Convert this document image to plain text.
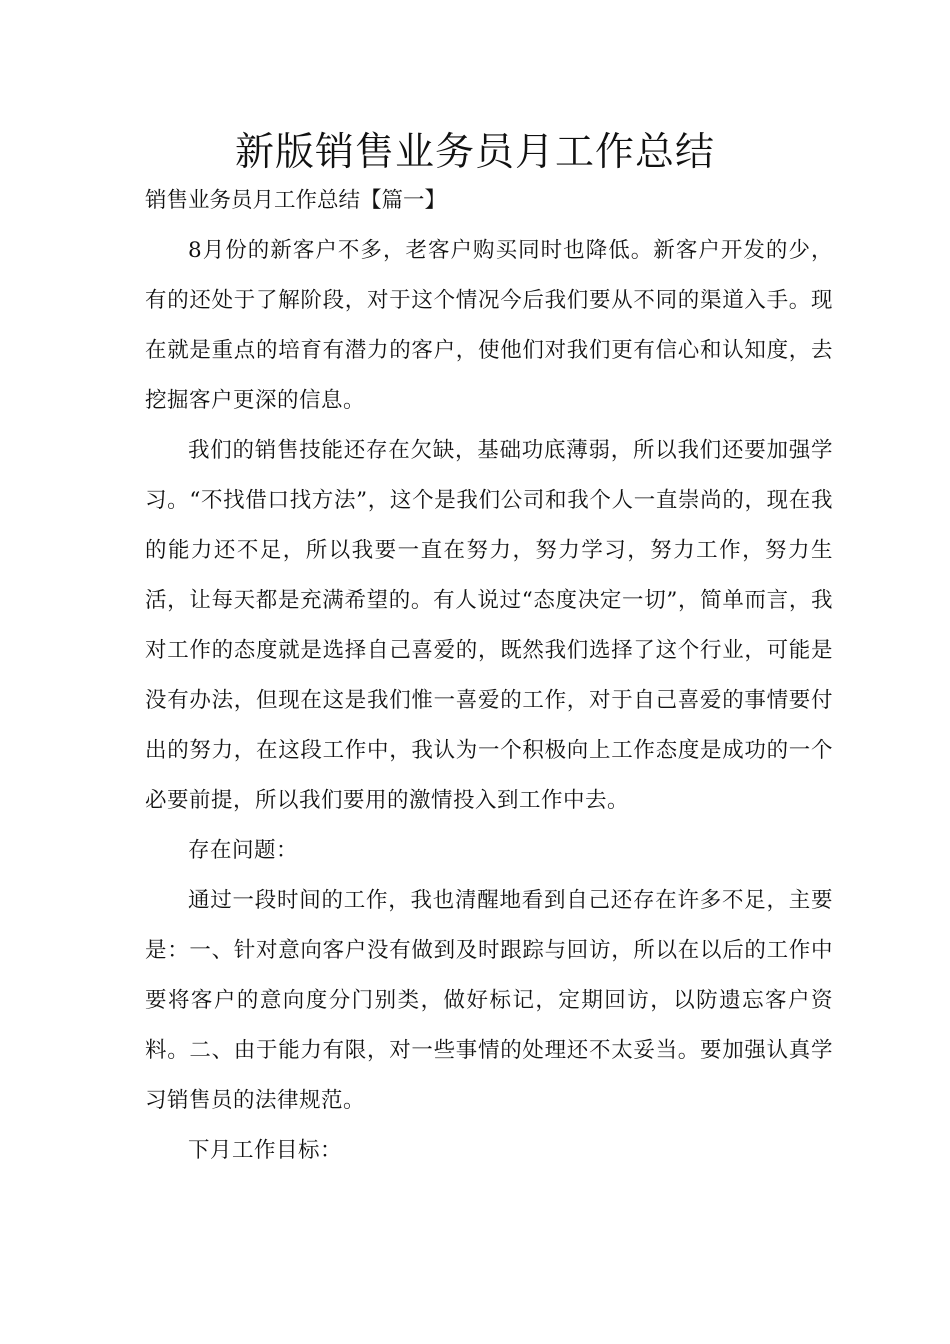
新版销售业务员月工作总结

销售业务员月工作总结【篇一】

8月份的新客户不多，老客户购买同时也降低。新客户开发的少，有的还处于了解阶段，对于这个情况今后我们要从不同的渠道入手。现在就是重点的培育有潜力的客户，使他们对我们更有信心和认知度，去挖掘客户更深的信息。

我们的销售技能还存在欠缺，基础功底薄弱，所以我们还要加强学习。“不找借口找方法”，这个是我们公司和我个人一直崇尚的，现在我的能力还不足，所以我要一直在努力，努力学习，努力工作，努力生活，让每天都是充满希望的。有人说过“态度决定一切”，简单而言，我对工作的态度就是选择自己喜爱的，既然我们选择了这个行业，可能是没有办法，但现在这是我们惟一喜爱的工作，对于自己喜爱的事情要付出的努力，在这段工作中，我认为一个积极向上工作态度是成功的一个必要前提，所以我们要用的激情投入到工作中去。

存在问题：

通过一段时间的工作，我也清醒地看到自己还存在许多不足，主要是：一、针对意向客户没有做到及时跟踪与回访，所以在以后的工作中要将客户的意向度分门别类，做好标记，定期回访，以防遗忘客户资料。二、由于能力有限，对一些事情的处理还不太妥当。要加强认真学习销售员的法律规范。

下月工作目标：
